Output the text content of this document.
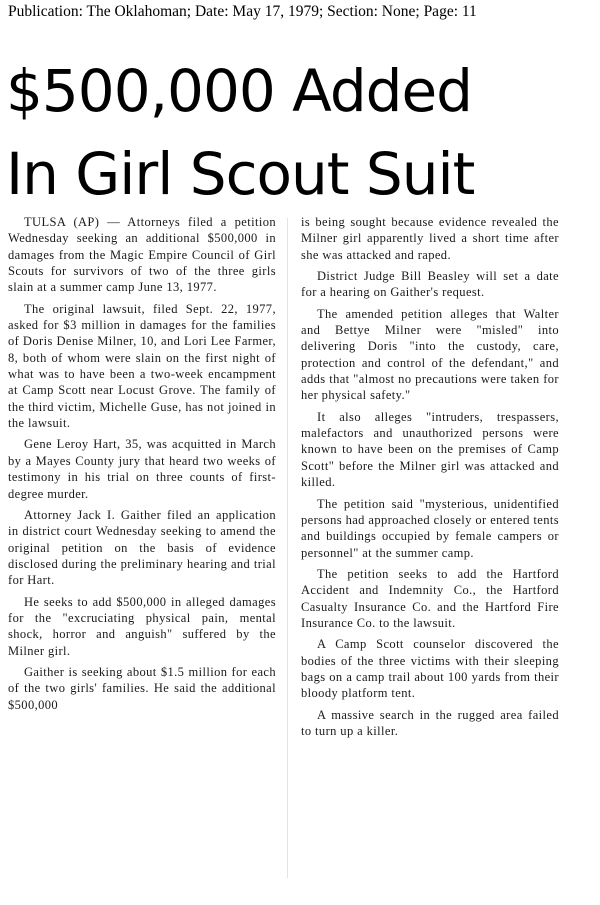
Publication: The Oklahoman; Date: May 17, 1979; Section: None; Page: 11
$500,000 Added
In Girl Scout Suit

TULSA (AP) — Attorneys filed a petition Wednesday seeking an additional $500,000 in damages from the Magic Empire Council of Girl Scouts for survivors of two of the three girls slain at a summer camp June 13, 1977.

The original lawsuit, filed Sept. 22, 1977, asked for $3 million in damages for the families of Doris Denise Milner, 10, and Lori Lee Farmer, 8, both of whom were slain on the first night of what was to have been a two-week encampment at Camp Scott near Locust Grove. The family of the third victim, Michelle Guse, has not joined in the lawsuit.

Gene Leroy Hart, 35, was acquitted in March by a Mayes County jury that heard two weeks of testimony in his trial on three counts of first-degree murder.

Attorney Jack I. Gaither filed an application in district court Wednesday seeking to amend the original petition on the basis of evidence disclosed during the preliminary hearing and trial for Hart.

He seeks to add $500,000 in alleged damages for the "excruciating physical pain, mental shock, horror and anguish" suffered by the Milner girl.

Gaither is seeking about $1.5 million for each of the two girls' families. He said the additional $500,000

is being sought because evidence revealed the Milner girl apparently lived a short time after she was attacked and raped.

District Judge Bill Beasley will set a date for a hearing on Gaither's request.

The amended petition alleges that Walter and Bettye Milner were "misled" into delivering Doris "into the custody, care, protection and control of the defendant," and adds that "almost no precautions were taken for her physical safety."

It also alleges "intruders, trespassers, malefactors and unauthorized persons were known to have been on the premises of Camp Scott" before the Milner girl was attacked and killed.

The petition said "mysterious, unidentified persons had approached closely or entered tents and buildings occupied by female campers or personnel" at the summer camp.

The petition seeks to add the Hartford Accident and Indemnity Co., the Hartford Casualty Insurance Co. and the Hartford Fire Insurance Co. to the lawsuit.

A Camp Scott counselor discovered the bodies of the three victims with their sleeping bags on a camp trail about 100 yards from their bloody platform tent.

A massive search in the rugged area failed to turn up a killer.
